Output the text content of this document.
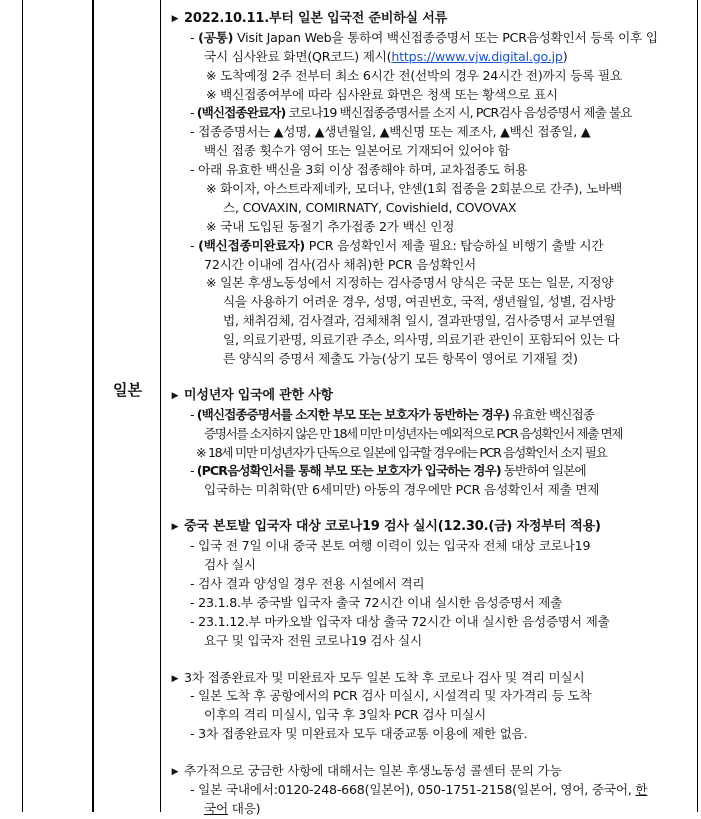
일본
▶ 2022.10.11.부터 일본 입국전 준비하실 서류
- (공통) Visit Japan Web을 통하여 백신접종증명서 또는 PCR음성확인서 등록 이후 입
국시 심사완료 화면(QR코드) 제시(https://www.vjw.digital.go.jp)
※ 도착예정 2주 전부터 최소 6시간 전(선박의 경우 24시간 전)까지 등록 필요
※ 백신접종여부에 따라 심사완료 화면은 청색 또는 황색으로 표시
- (백신접종완료자) 코로나19 백신접종증명서를 소지 시, PCR검사 음성증명서 제출 불요
- 접종증명서는 ▲성명, ▲생년월일, ▲백신명 또는 제조사, ▲백신 접종일, ▲
백신 접종 횟수가 영어 또는 일본어로 기재되어 있어야 함
- 아래 유효한 백신을 3회 이상 접종해야 하며, 교차접종도 허용
※ 화이자, 아스트라제네카, 모더나, 얀센(1회 접종을 2회분으로 간주), 노바백
스, COVAXIN, COMIRNATY, Covishield, COVOVAX
※ 국내 도입된 동절기 추가접종 2가 백신 인정
- (백신접종미완료자) PCR 음성확인서 제출 필요: 탑승하실 비행기 출발 시간
72시간 이내에 검사(검사 채취)한 PCR 음성확인서
※ 일본 후생노동성에서 지정하는 검사증명서 양식은 국문 또는 일문, 지정양
식을 사용하기 어려운 경우, 성명, 여권번호, 국적, 생년월일, 성별, 검사방
법, 채취검체, 검사결과, 검체채취 일시, 결과판명일, 검사증명서 교부연월
일, 의료기관명, 의료기관 주소, 의사명, 의료기관 관인이 포함되어 있는 다
른 양식의 증명서 제출도 가능(상기 모든 항목이 영어로 기재될 것)
▶ 미성년자 입국에 관한 사항
- (백신접종증명서를 소지한 부모 또는 보호자가 동반하는 경우) 유효한 백신접종
증명서를 소지하지 않은 만 18세 미만 미성년자는 예외적으로 PCR 음성확인서 제출 면제
※ 18세 미만 미성년자가 단독으로 일본에 입국할 경우에는 PCR 음성확인서 소지 필요
- (PCR음성확인서를 통해 부모 또는 보호자가 입국하는 경우) 동반하여 일본에
입국하는 미취학(만 6세미만) 아동의 경우에만 PCR 음성확인서 제출 면제
▶ 중국 본토발 입국자 대상 코로나19 검사 실시(12.30.(금) 자정부터 적용)
- 입국 전 7일 이내 중국 본토 여행 이력이 있는 입국자 전체 대상 코로나19
검사 실시
- 검사 결과 양성일 경우 전용 시설에서 격리
- 23.1.8.부 중국발 입국자 출국 72시간 이내 실시한 음성증명서 제출
- 23.1.12.부 마카오발 입국자 대상 출국 72시간 이내 실시한 음성증명서 제출
요구 및 입국자 전원 코로나19 검사 실시
▶ 3차 접종완료자 및 미완료자 모두 일본 도착 후 코로나 검사 및 격리 미실시
- 일본 도착 후 공항에서의 PCR 검사 미실시, 시설격리 및 자가격리 등 도착
이후의 격리 미실시, 입국 후 3일차 PCR 검사 미실시
- 3차 접종완료자 및 미완료자 모두 대중교통 이용에 제한 없음.
▶ 추가적으로 궁금한 사항에 대해서는 일본 후생노동성 콜센터 문의 가능
- 일본 국내에서:0120-248-668(일본어), 050-1751-2158(일본어, 영어, 중국어, 한
국어 대응)
